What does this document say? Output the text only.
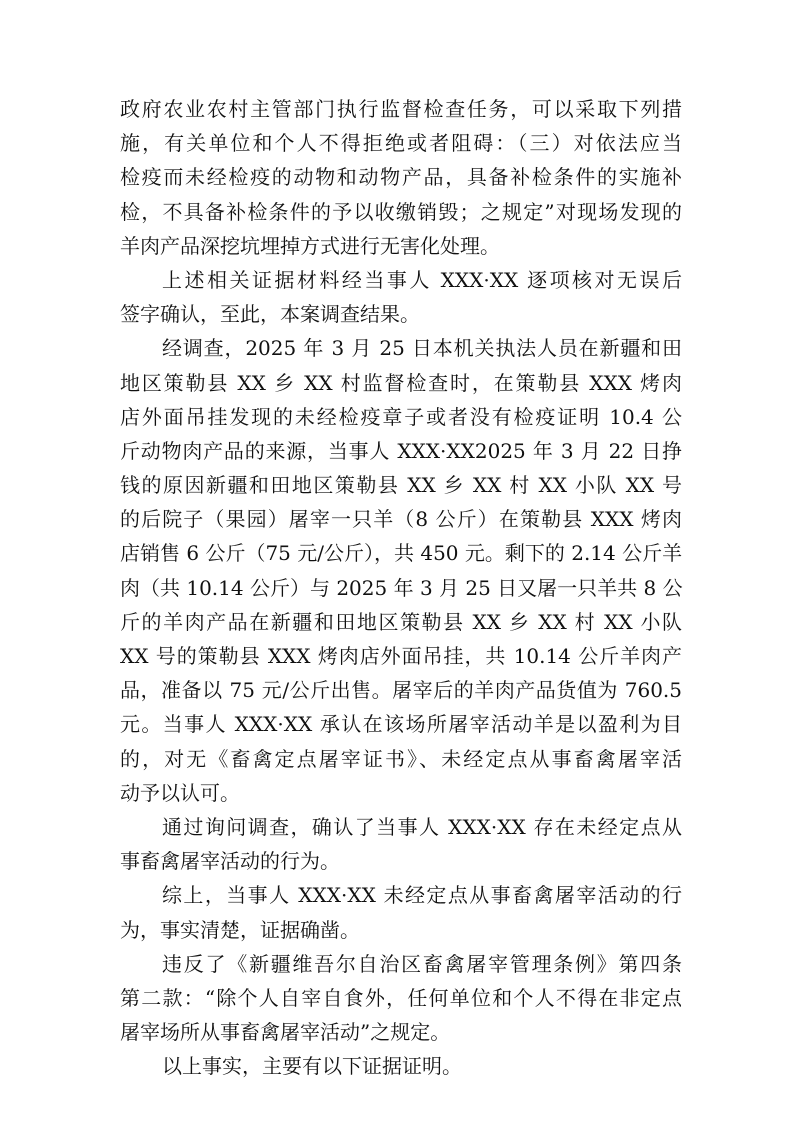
政府农业农村主管部门执行监督检查任务，可以采取下列措
施，有关单位和个人不得拒绝或者阻碍：（三）对依法应当
检疫而未经检疫的动物和动物产品，具备补检条件的实施补
检，不具备补检条件的予以收缴销毁；之规定”对现场发现的
羊肉产品深挖坑埋掉方式进行无害化处理。

上述相关证据材料经当事人 XXX·XX 逐项核对无误后
签字确认，至此，本案调查结果。

经调查，2025 年 3 月 25 日本机关执法人员在新疆和田
地区策勒县 XX 乡 XX 村监督检查时，在策勒县 XXX 烤肉
店外面吊挂发现的未经检疫章子或者没有检疫证明 10.4 公
斤动物肉产品的来源，当事人 XXX·XX2025 年 3 月 22 日挣
钱的原因新疆和田地区策勒县 XX 乡 XX 村 XX 小队 XX 号
的后院子（果园）屠宰一只羊（8 公斤）在策勒县 XXX 烤肉
店销售 6 公斤（75 元/公斤），共 450 元。剩下的 2.14 公斤羊
肉（共 10.14 公斤）与 2025 年 3 月 25 日又屠一只羊共 8 公
斤的羊肉产品在新疆和田地区策勒县 XX 乡 XX 村 XX 小队
XX 号的策勒县 XXX 烤肉店外面吊挂，共 10.14 公斤羊肉产
品，准备以 75 元/公斤出售。屠宰后的羊肉产品货值为 760.5
元。当事人 XXX·XX 承认在该场所屠宰活动羊是以盈利为目
的，对无《畜禽定点屠宰证书》、未经定点从事畜禽屠宰活
动予以认可。

通过询问调查，确认了当事人 XXX·XX 存在未经定点从
事畜禽屠宰活动的行为。

综上，当事人 XXX·XX 未经定点从事畜禽屠宰活动的行
为，事实清楚，证据确凿。

违反了《新疆维吾尔自治区畜禽屠宰管理条例》第四条
第二款：“除个人自宰自食外，任何单位和个人不得在非定点
屠宰场所从事畜禽屠宰活动”之规定。

以上事实，主要有以下证据证明。
